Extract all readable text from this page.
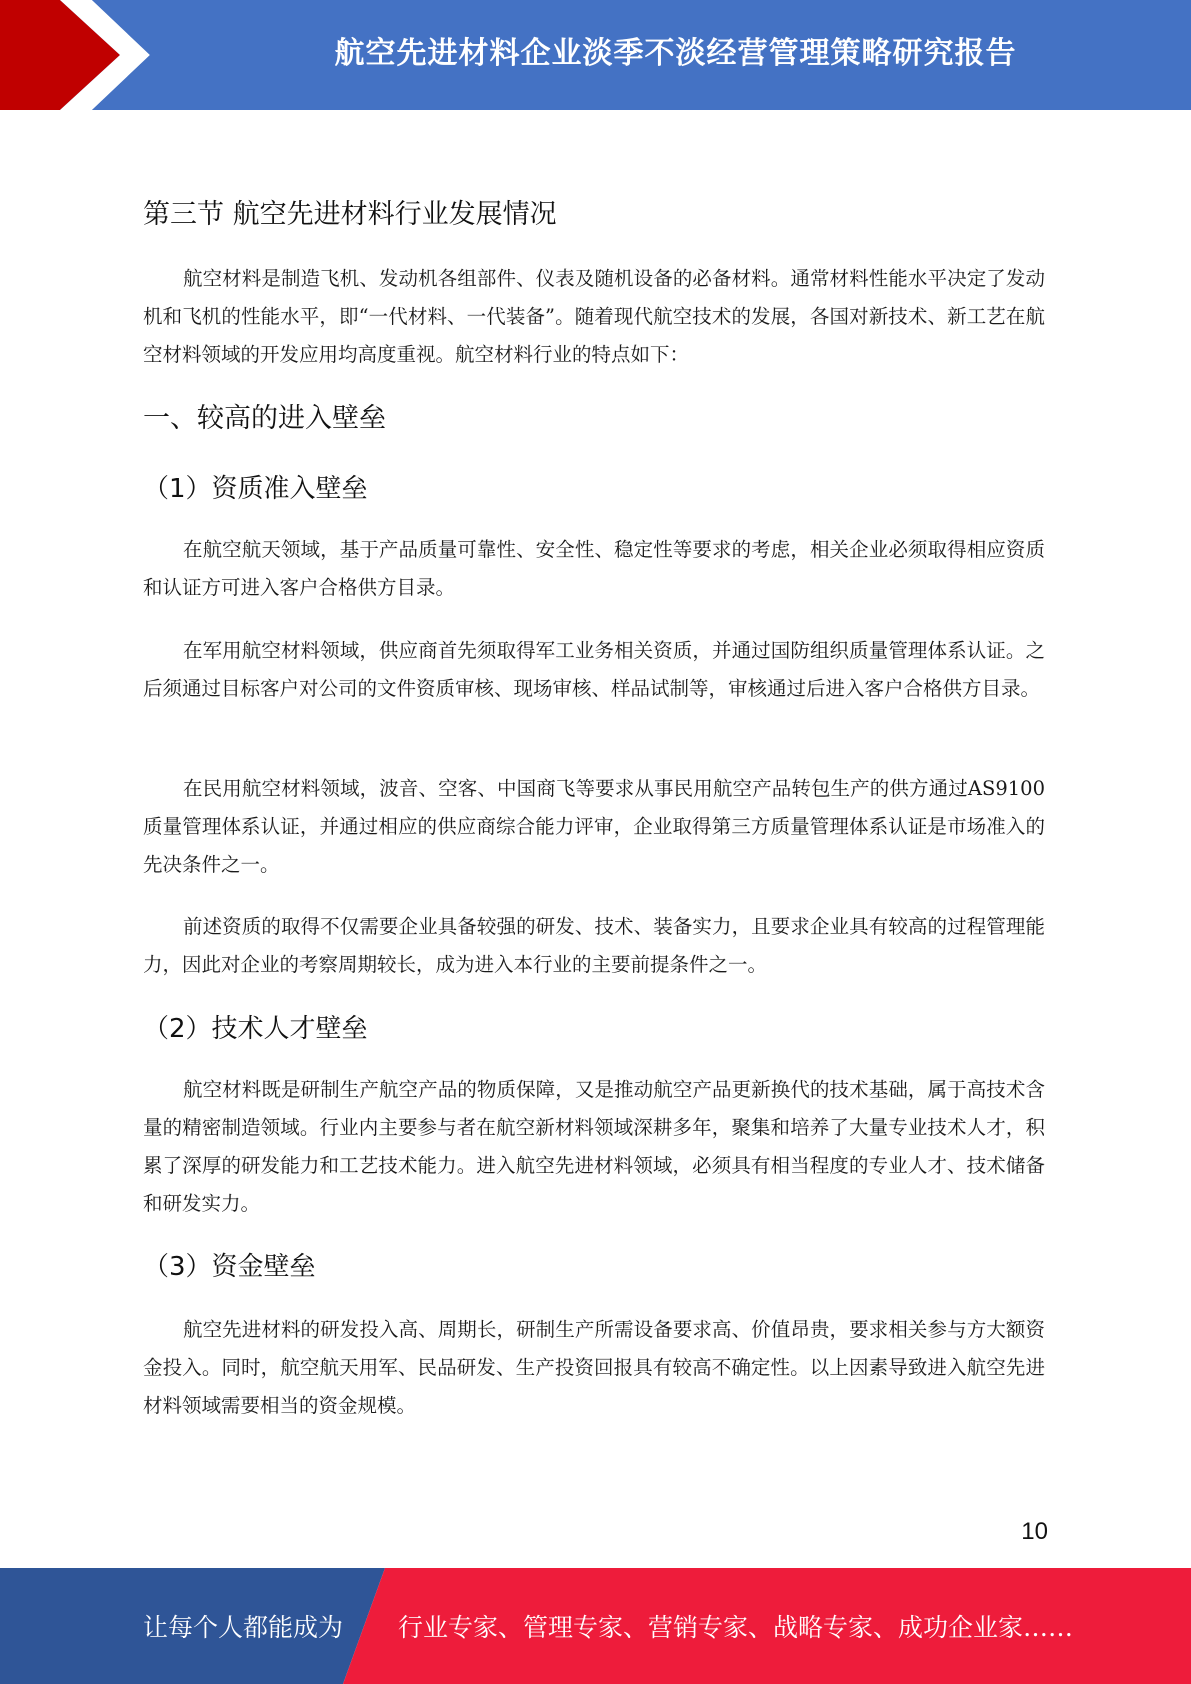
航空先进材料企业淡季不淡经营管理策略研究报告
第三节 航空先进材料行业发展情况

航空材料是制造飞机、发动机各组部件、仪表及随机设备的必备材料。通常材料性能水平决定了发动机和飞机的性能水平，即“一代材料、一代装备”。随着现代航空技术的发展，各国对新技术、新工艺在航空材料领域的开发应用均高度重视。航空材料行业的特点如下：

一、较高的进入壁垒
（1）资质准入壁垒

在航空航天领域，基于产品质量可靠性、安全性、稳定性等要求的考虑，相关企业必须取得相应资质和认证方可进入客户合格供方目录。

在军用航空材料领域，供应商首先须取得军工业务相关资质，并通过国防组织质量管理体系认证。之后须通过目标客户对公司的文件资质审核、现场审核、样品试制等，审核通过后进入客户合格供方目录。

在民用航空材料领域，波音、空客、中国商飞等要求从事民用航空产品转包生产的供方通过AS9100 质量管理体系认证，并通过相应的供应商综合能力评审，企业取得第三方质量管理体系认证是市场准入的先决条件之一。

前述资质的取得不仅需要企业具备较强的研发、技术、装备实力，且要求企业具有较高的过程管理能力，因此对企业的考察周期较长，成为进入本行业的主要前提条件之一。

（2）技术人才壁垒

航空材料既是研制生产航空产品的物质保障，又是推动航空产品更新换代的技术基础，属于高技术含量的精密制造领域。行业内主要参与者在航空新材料领域深耕多年，聚集和培养了大量专业技术人才，积累了深厚的研发能力和工艺技术能力。进入航空先进材料领域，必须具有相当程度的专业人才、技术储备和研发实力。

（3）资金壁垒

航空先进材料的研发投入高、周期长，研制生产所需设备要求高、价值昂贵，要求相关参与方大额资金投入。同时，航空航天用军、民品研发、生产投资回报具有较高不确定性。以上因素导致进入航空先进材料领域需要相当的资金规模。

10
让每个人都能成为 行业专家、管理专家、营销专家、战略专家、成功企业家……
